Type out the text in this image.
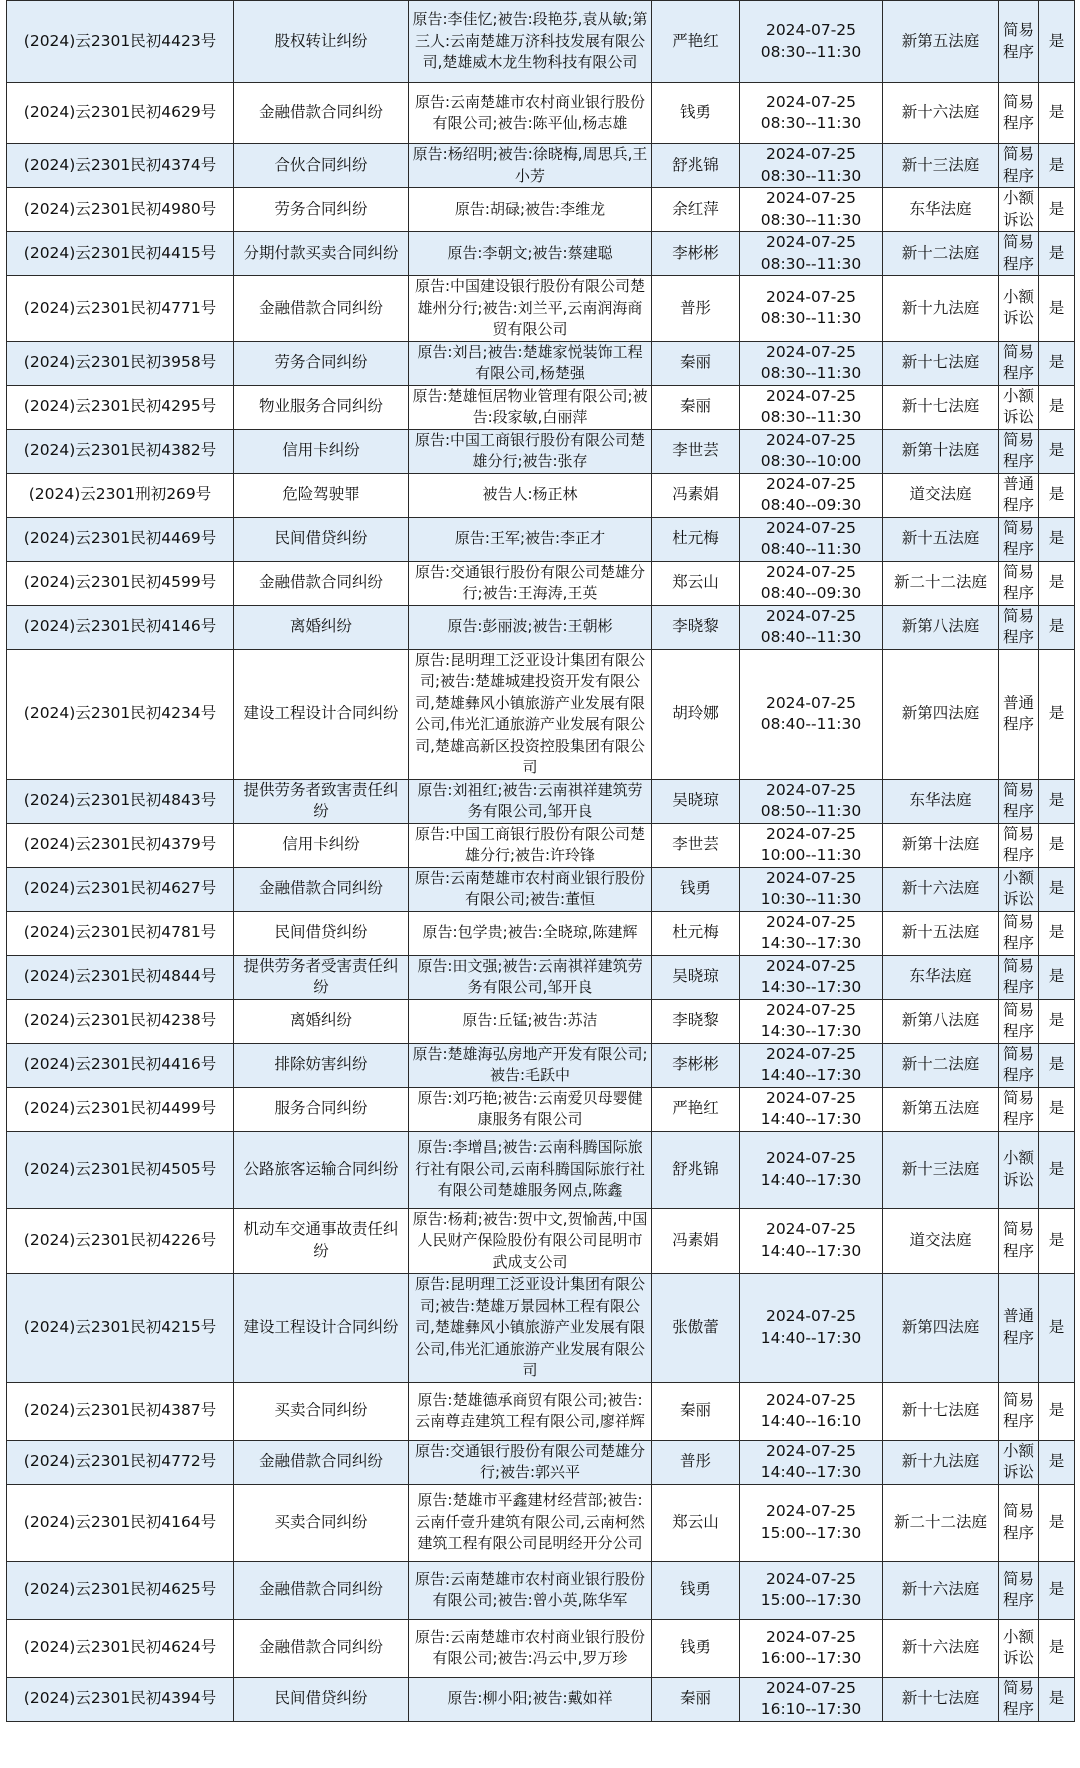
(2024)云2301民初4423号	股权转让纠纷	原告:李佳忆;被告:段艳芬,袁从敏;第三人:云南楚雄万济科技发展有限公司,楚雄威木龙生物科技有限公司	严艳红	2024-07-25
08:30--11:30	新第五法庭	简易程序	是
(2024)云2301民初4629号	金融借款合同纠纷	原告:云南楚雄市农村商业银行股份有限公司;被告:陈平仙,杨志雄	钱勇	2024-07-25
08:30--11:30	新十六法庭	简易程序	是
(2024)云2301民初4374号	合伙合同纠纷	原告:杨绍明;被告:徐晓梅,周思兵,王小芳	舒兆锦	2024-07-25
08:30--11:30	新十三法庭	简易程序	是
(2024)云2301民初4980号	劳务合同纠纷	原告:胡碌;被告:李维龙	余红萍	2024-07-25
08:30--11:30	东华法庭	小额诉讼	是
(2024)云2301民初4415号	分期付款买卖合同纠纷	原告:李朝文;被告:蔡建聪	李彬彬	2024-07-25
08:30--11:30	新十二法庭	简易程序	是
(2024)云2301民初4771号	金融借款合同纠纷	原告:中国建设银行股份有限公司楚雄州分行;被告:刘兰平,云南润海商贸有限公司	普彤	2024-07-25
08:30--11:30	新十九法庭	小额诉讼	是
(2024)云2301民初3958号	劳务合同纠纷	原告:刘吕;被告:楚雄家悦装饰工程有限公司,杨楚强	秦丽	2024-07-25
08:30--11:30	新十七法庭	简易程序	是
(2024)云2301民初4295号	物业服务合同纠纷	原告:楚雄恒居物业管理有限公司;被告:段家敏,白丽萍	秦丽	2024-07-25
08:30--11:30	新十七法庭	小额诉讼	是
(2024)云2301民初4382号	信用卡纠纷	原告:中国工商银行股份有限公司楚雄分行;被告:张存	李世芸	2024-07-25
08:30--10:00	新第十法庭	简易程序	是
(2024)云2301刑初269号	危险驾驶罪	被告人:杨正林	冯素娟	2024-07-25
08:40--09:30	道交法庭	普通程序	是
(2024)云2301民初4469号	民间借贷纠纷	原告:王军;被告:李正才	杜元梅	2024-07-25
08:40--11:30	新十五法庭	简易程序	是
(2024)云2301民初4599号	金融借款合同纠纷	原告:交通银行股份有限公司楚雄分行;被告:王海涛,王英	郑云山	2024-07-25
08:40--09:30	新二十二法庭	简易程序	是
(2024)云2301民初4146号	离婚纠纷	原告:彭丽波;被告:王朝彬	李晓黎	2024-07-25
08:40--11:30	新第八法庭	简易程序	是
(2024)云2301民初4234号	建设工程设计合同纠纷	原告:昆明理工泛亚设计集团有限公司;被告:楚雄城建投资开发有限公司,楚雄彝风小镇旅游产业发展有限公司,伟光汇通旅游产业发展有限公司,楚雄高新区投资控股集团有限公司	胡玲娜	2024-07-25
08:40--11:30	新第四法庭	普通程序	是
(2024)云2301民初4843号	提供劳务者致害责任纠纷	原告:刘祖红;被告:云南祺祥建筑劳务有限公司,邹开良	吴晓琼	2024-07-25
08:50--11:30	东华法庭	简易程序	是
(2024)云2301民初4379号	信用卡纠纷	原告:中国工商银行股份有限公司楚雄分行;被告:许玲锋	李世芸	2024-07-25
10:00--11:30	新第十法庭	简易程序	是
(2024)云2301民初4627号	金融借款合同纠纷	原告:云南楚雄市农村商业银行股份有限公司;被告:董恒	钱勇	2024-07-25
10:30--11:30	新十六法庭	小额诉讼	是
(2024)云2301民初4781号	民间借贷纠纷	原告:包学贵;被告:全晓琼,陈建辉	杜元梅	2024-07-25
14:30--17:30	新十五法庭	简易程序	是
(2024)云2301民初4844号	提供劳务者受害责任纠纷	原告:田文强;被告:云南祺祥建筑劳务有限公司,邹开良	吴晓琼	2024-07-25
14:30--17:30	东华法庭	简易程序	是
(2024)云2301民初4238号	离婚纠纷	原告:丘锰;被告:苏洁	李晓黎	2024-07-25
14:30--17:30	新第八法庭	简易程序	是
(2024)云2301民初4416号	排除妨害纠纷	原告:楚雄海弘房地产开发有限公司;被告:毛跃中	李彬彬	2024-07-25
14:40--17:30	新十二法庭	简易程序	是
(2024)云2301民初4499号	服务合同纠纷	原告:刘巧艳;被告:云南爱贝母婴健康服务有限公司	严艳红	2024-07-25
14:40--17:30	新第五法庭	简易程序	是
(2024)云2301民初4505号	公路旅客运输合同纠纷	原告:李增昌;被告:云南科腾国际旅行社有限公司,云南科腾国际旅行社有限公司楚雄服务网点,陈鑫	舒兆锦	2024-07-25
14:40--17:30	新十三法庭	小额诉讼	是
(2024)云2301民初4226号	机动车交通事故责任纠纷	原告:杨莉;被告:贺中文,贺愉茜,中国人民财产保险股份有限公司昆明市武成支公司	冯素娟	2024-07-25
14:40--17:30	道交法庭	简易程序	是
(2024)云2301民初4215号	建设工程设计合同纠纷	原告:昆明理工泛亚设计集团有限公司;被告:楚雄万景园林工程有限公司,楚雄彝风小镇旅游产业发展有限公司,伟光汇通旅游产业发展有限公司	张傲蕾	2024-07-25
14:40--17:30	新第四法庭	普通程序	是
(2024)云2301民初4387号	买卖合同纠纷	原告:楚雄德承商贸有限公司;被告:云南尊垚建筑工程有限公司,廖祥辉	秦丽	2024-07-25
14:40--16:10	新十七法庭	简易程序	是
(2024)云2301民初4772号	金融借款合同纠纷	原告:交通银行股份有限公司楚雄分行;被告:郭兴平	普彤	2024-07-25
14:40--17:30	新十九法庭	小额诉讼	是
(2024)云2301民初4164号	买卖合同纠纷	原告:楚雄市平鑫建材经营部;被告:云南仟壹升建筑有限公司,云南柯然建筑工程有限公司昆明经开分公司	郑云山	2024-07-25
15:00--17:30	新二十二法庭	简易程序	是
(2024)云2301民初4625号	金融借款合同纠纷	原告:云南楚雄市农村商业银行股份有限公司;被告:曾小英,陈华军	钱勇	2024-07-25
15:00--17:30	新十六法庭	简易程序	是
(2024)云2301民初4624号	金融借款合同纠纷	原告:云南楚雄市农村商业银行股份有限公司;被告:冯云中,罗万珍	钱勇	2024-07-25
16:00--17:30	新十六法庭	小额诉讼	是
(2024)云2301民初4394号	民间借贷纠纷	原告:柳小阳;被告:戴如祥	秦丽	2024-07-25
16:10--17:30	新十七法庭	简易程序	是
